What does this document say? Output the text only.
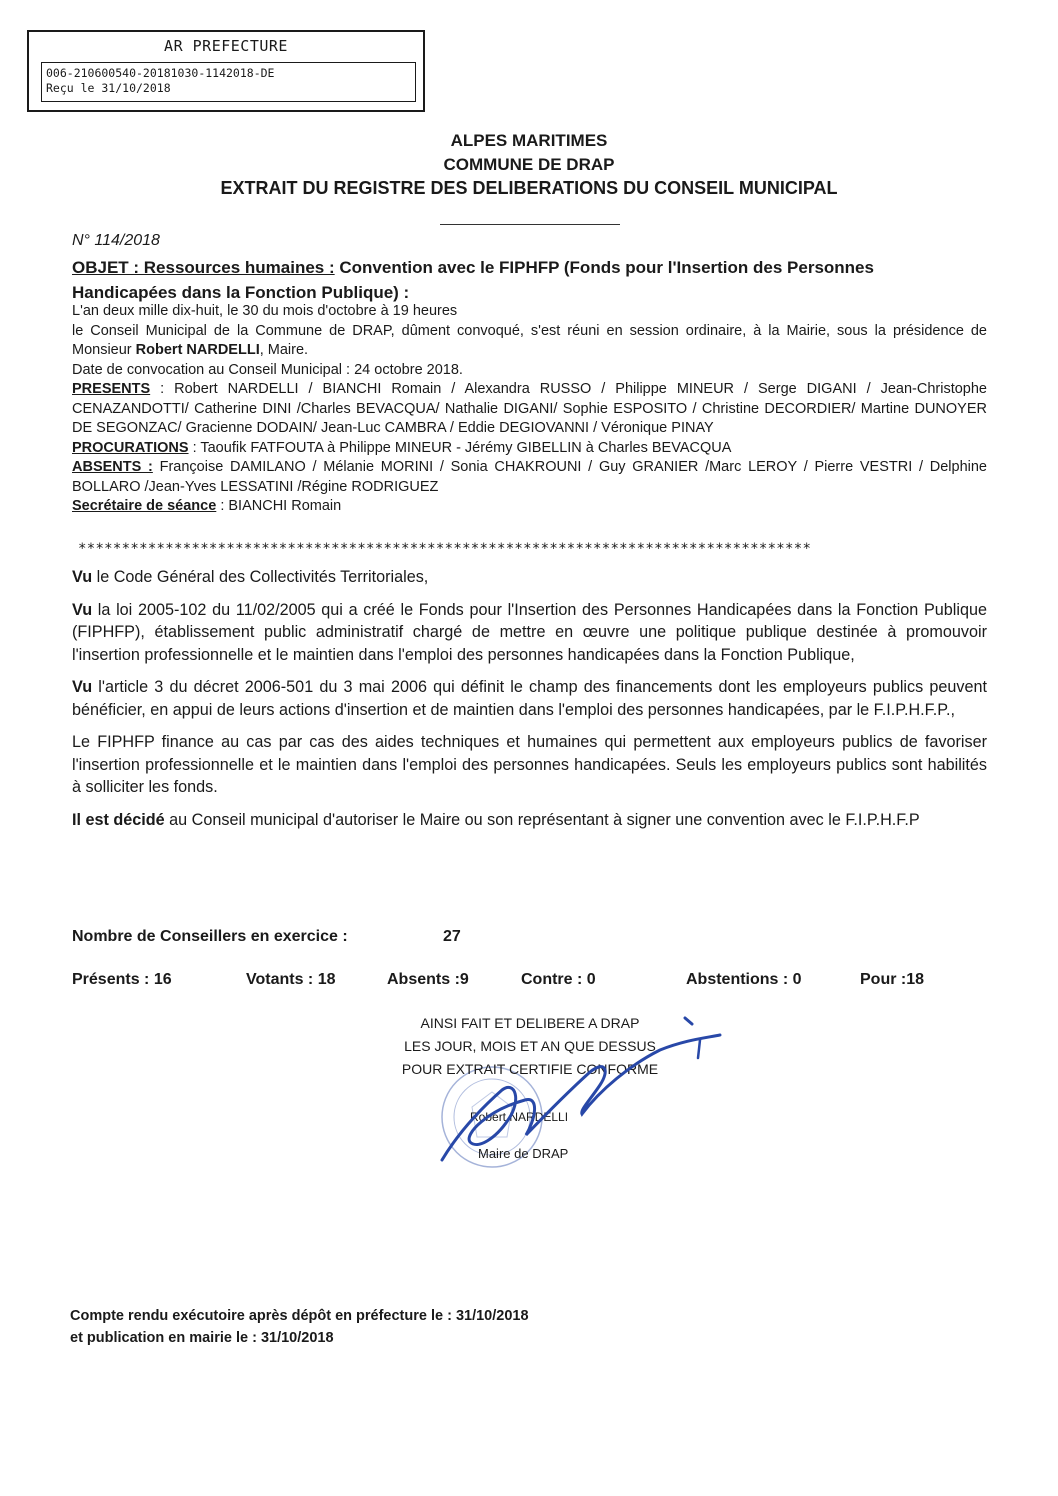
AR PREFECTURE
006-210600540-20181030-1142018-DE
Reçu le 31/10/2018
ALPES MARITIMES
COMMUNE DE DRAP
EXTRAIT DU REGISTRE DES DELIBERATIONS DU CONSEIL MUNICIPAL
N° 114/2018
OBJET : Ressources humaines : Convention avec le FIPHFP (Fonds pour l'Insertion des Personnes Handicapées dans la Fonction Publique) :
L'an deux mille dix-huit, le 30 du mois d'octobre à 19 heures
le Conseil Municipal de la Commune de DRAP, dûment convoqué, s'est réuni en session ordinaire, à la Mairie, sous la présidence de Monsieur Robert NARDELLI, Maire.
Date de convocation au Conseil Municipal : 24 octobre 2018.
PRESENTS : Robert NARDELLI / BIANCHI Romain / Alexandra RUSSO / Philippe MINEUR / Serge DIGANI / Jean-Christophe CENAZANDOTTI/ Catherine DINI /Charles BEVACQUA/ Nathalie DIGANI/ Sophie ESPOSITO / Christine DECORDIER/ Martine DUNOYER DE SEGONZAC/ Gracienne DODAIN/ Jean-Luc CAMBRA / Eddie DEGIOVANNI / Véronique PINAY
PROCURATIONS : Taoufik FATFOUTA à Philippe MINEUR - Jérémy GIBELLIN à Charles BEVACQUA
ABSENTS : Françoise DAMILANO / Mélanie MORINI / Sonia CHAKROUNI / Guy GRANIER /Marc LEROY / Pierre VESTRI / Delphine BOLLARO /Jean-Yves LESSATINI /Régine RODRIGUEZ
Secrétaire de séance : BIANCHI Romain
************************************************************************************

Vu le Code Général des Collectivités Territoriales,

Vu la loi 2005-102 du 11/02/2005 qui a créé le Fonds pour l'Insertion des Personnes Handicapées dans la Fonction Publique (FIPHFP), établissement public administratif chargé de mettre en œuvre une politique publique destinée à promouvoir l'insertion professionnelle et le maintien dans l'emploi des personnes handicapées dans la Fonction Publique,

Vu l'article 3 du décret 2006-501 du 3 mai 2006 qui définit le champ des financements dont les employeurs publics peuvent bénéficier, en appui de leurs actions d'insertion et de maintien dans l'emploi des personnes handicapées, par le F.I.P.H.F.P.,

Le FIPHFP finance au cas par cas des aides techniques et humaines qui permettent aux employeurs publics de favoriser l'insertion professionnelle et le maintien dans l'emploi des personnes handicapées. Seuls les employeurs publics sont habilités à solliciter les fonds.

Il est décidé au Conseil municipal d'autoriser le Maire ou son représentant à signer une convention avec le F.I.P.H.F.P

Nombre de Conseillers en exercice :	27
Présents : 16	Votants : 18	Absents :9	Contre : 0	Abstentions : 0	Pour :18
AINSI FAIT ET DELIBERE A DRAP
LES JOUR, MOIS ET AN QUE DESSUS
POUR EXTRAIT CERTIFIE CONFORME
Robert NARDELLI
Maire de DRAP
Compte rendu exécutoire après dépôt en préfecture le : 31/10/2018
et publication en mairie le : 31/10/2018
